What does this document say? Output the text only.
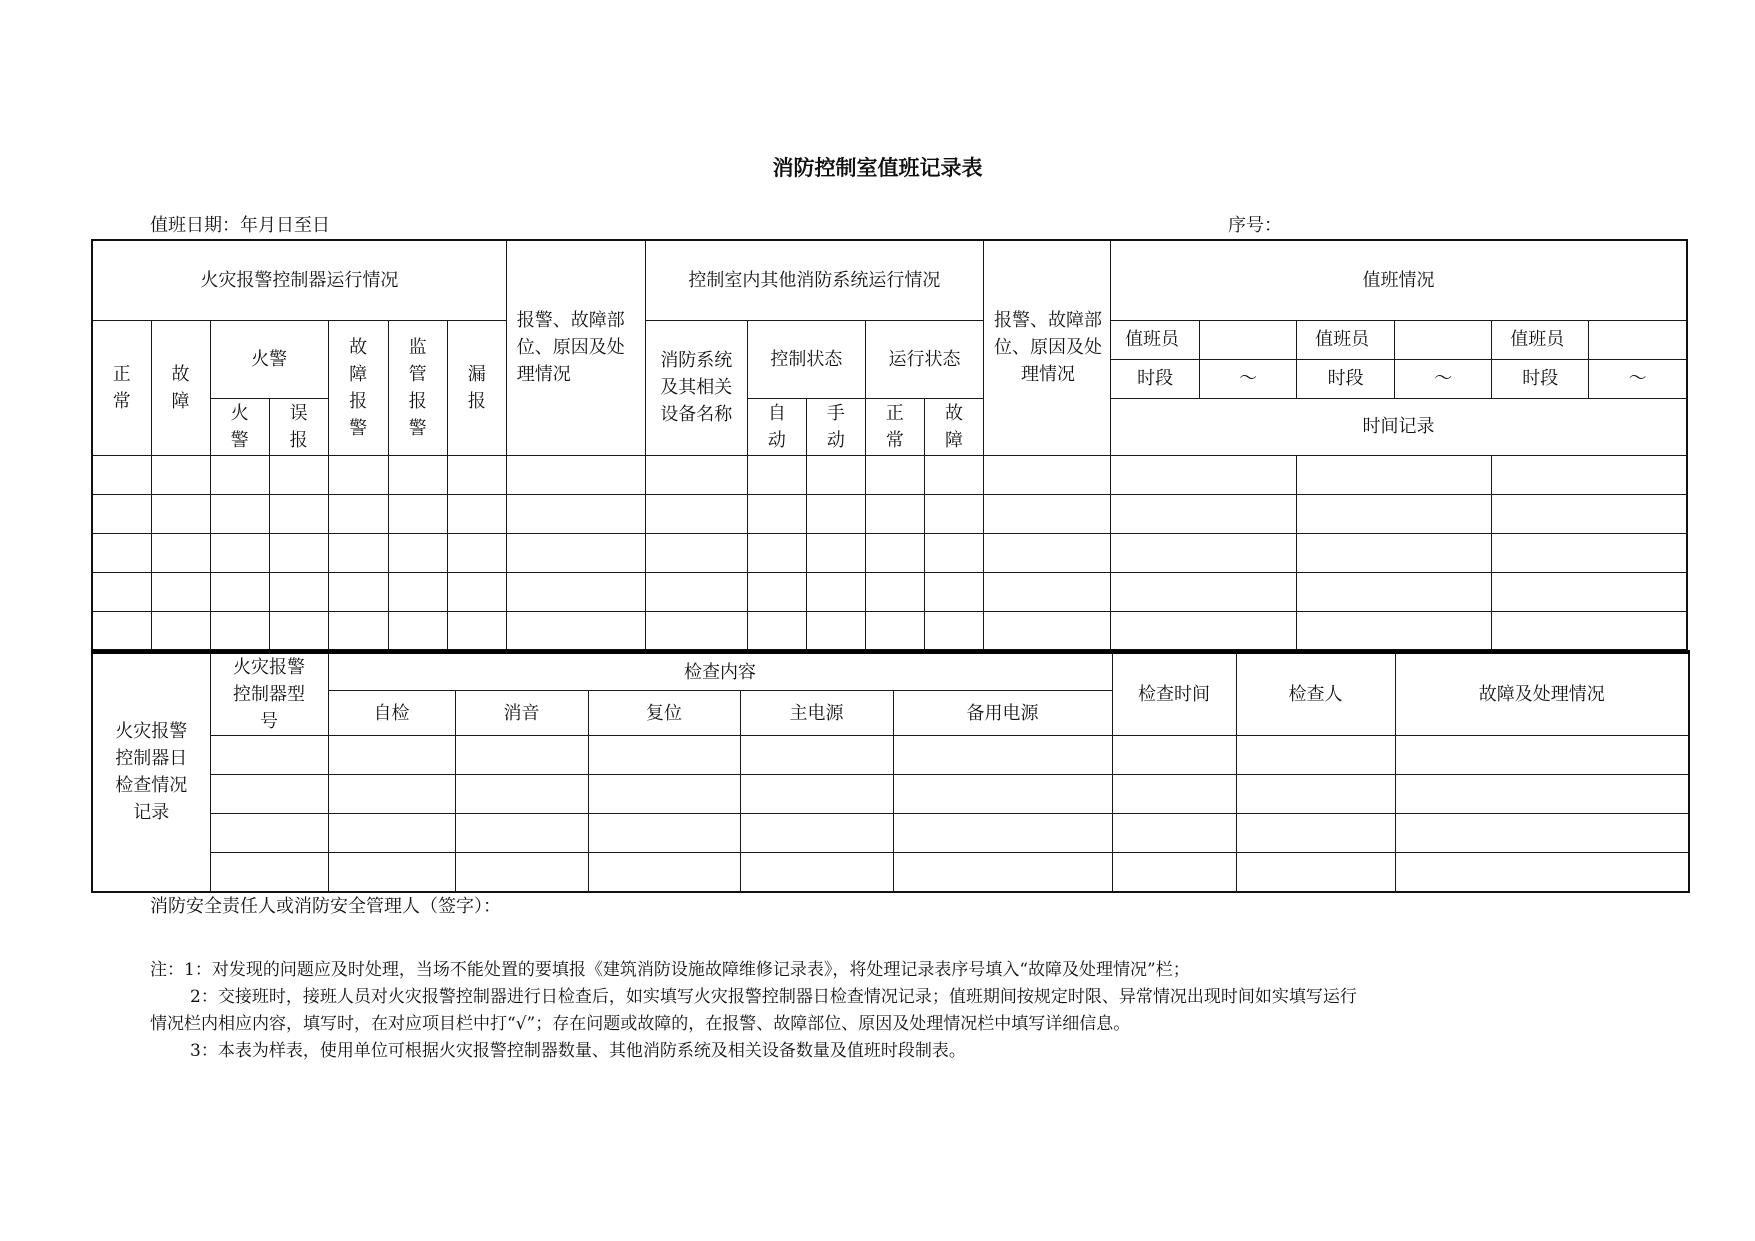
消防控制室值班记录表
值班日期：年月日至日	序号：
火灾报警控制器运行情况							报警、故障部位、原因及处理情况	控制室内其他消防系统运行情况					报警、故障部位、原因及处理情况	值班情况					
正常	故障	火警		故障报警	监管报警	漏报		消防系统及其相关设备名称	控制状态		运行状态			值班员		值班员		值班员	
														时段	～	时段	～	时段	～
		火警	误报						自动	手动	正常	故障		时间记录					

火灾报警控制器日检查情况记录	火灾报警控制器型号	检查内容					检查时间	检查人	故障及处理情况
		自检	消音	复位	主电源	备用电源			

消防安全责任人或消防安全管理人（签字）：
注：1：对发现的问题应及时处理，当场不能处置的要填报《建筑消防设施故障维修记录表》，将处理记录表序号填入“故障及处理情况”栏；
2：交接班时，接班人员对火灾报警控制器进行日检查后，如实填写火灾报警控制器日检查情况记录；值班期间按规定时限、异常情况出现时间如实填写运行
情况栏内相应内容，填写时，在对应项目栏中打“√”；存在问题或故障的，在报警、故障部位、原因及处理情况栏中填写详细信息。
3：本表为样表，使用单位可根据火灾报警控制器数量、其他消防系统及相关设备数量及值班时段制表。
